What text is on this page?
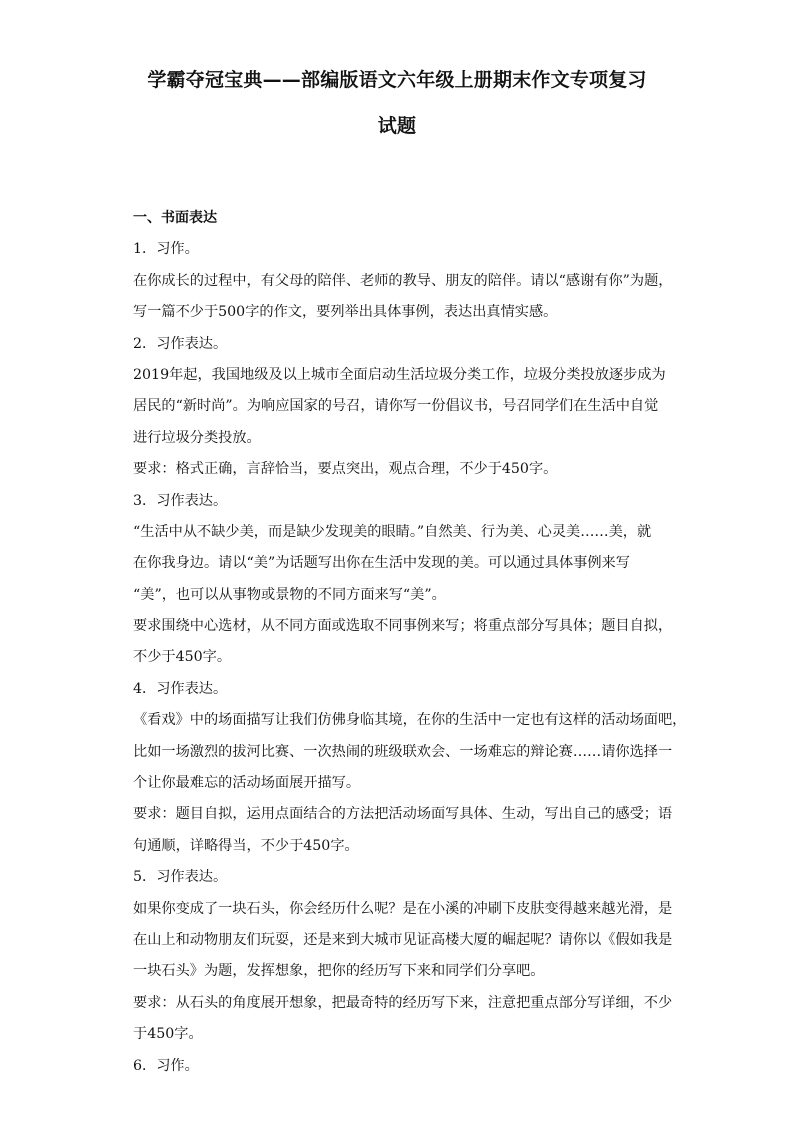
学霸夺冠宝典——部编版语文六年级上册期末作文专项复习
试题
一、书面表达
1．习作。
在你成长的过程中，有父母的陪伴、老师的教导、朋友的陪伴。请以“感谢有你”为题，
写一篇不少于500字的作文，要列举出具体事例，表达出真情实感。
2．习作表达。
2019年起，我国地级及以上城市全面启动生活垃圾分类工作，垃圾分类投放逐步成为
居民的“新时尚”。为响应国家的号召，请你写一份倡议书，号召同学们在生活中自觉
进行垃圾分类投放。
要求：格式正确，言辞恰当，要点突出，观点合理，不少于450字。
3．习作表达。
“生活中从不缺少美，而是缺少发现美的眼睛。”自然美、行为美、心灵美……美，就
在你我身边。请以“美”为话题写出你在生活中发现的美。可以通过具体事例来写
“美”，也可以从事物或景物的不同方面来写“美”。
要求围绕中心选材，从不同方面或选取不同事例来写；将重点部分写具体；题目自拟，
不少于450字。
4．习作表达。
《看戏》中的场面描写让我们仿佛身临其境，在你的生活中一定也有这样的活动场面吧，
比如一场激烈的拔河比赛、一次热闹的班级联欢会、一场难忘的辩论赛……请你选择一
个让你最难忘的活动场面展开描写。
要求：题目自拟，运用点面结合的方法把活动场面写具体、生动，写出自己的感受；语
句通顺，详略得当，不少于450字。
5．习作表达。
如果你变成了一块石头，你会经历什么呢？是在小溪的冲刷下皮肤变得越来越光滑，是
在山上和动物朋友们玩耍，还是来到大城市见证高楼大厦的崛起呢？请你以《假如我是
一块石头》为题，发挥想象，把你的经历写下来和同学们分享吧。
要求：从石头的角度展开想象，把最奇特的经历写下来，注意把重点部分写详细，不少
于450字。
6．习作。
